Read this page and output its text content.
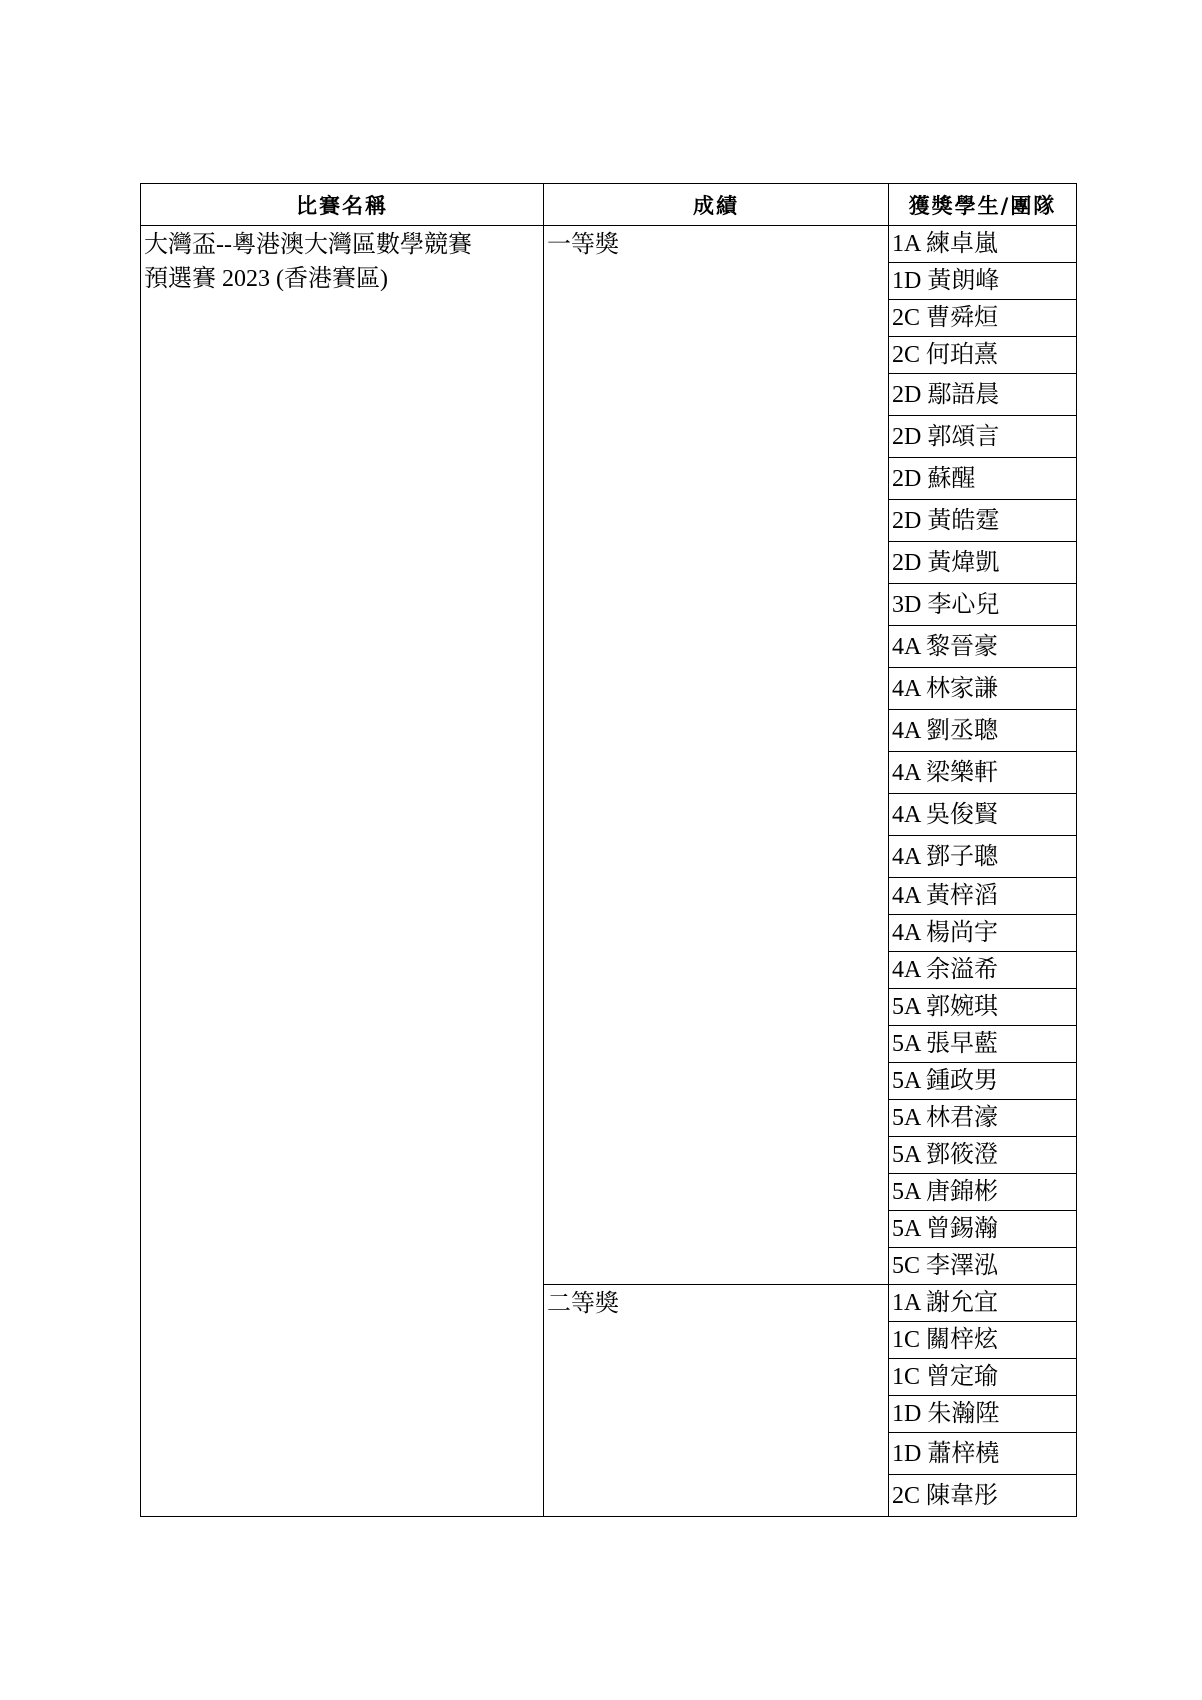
比賽名稱	成績	獲獎學生/團隊

大灣盃--粵港澳大灣區數學競賽
預選賽 2023 (香港賽區)	一等獎	1A 練卓嵐
		1D 黃朗峰
		2C 曹舜烜
		2C 何珀熹
		2D 鄢語晨
		2D 郭頌言
		2D 蘇醒
		2D 黃皓霆
		2D 黃煒凱
		3D 李心兒
		4A 黎晉豪
		4A 林家謙
		4A 劉丞聰
		4A 梁樂軒
		4A 吳俊賢
		4A 鄧子聰
		4A 黃梓滔
		4A 楊尚宇
		4A 余溢希
		5A 郭婉琪
		5A 張早藍
		5A 鍾政男
		5A 林君濠
		5A 鄧筱澄
		5A 唐錦彬
		5A 曾錫瀚
		5C 李澤泓
	二等獎	1A 謝允宜
		1C 關梓炫
		1C 曾定瑜
		1D 朱瀚陞
		1D 蕭梓橈
		2C 陳韋彤
